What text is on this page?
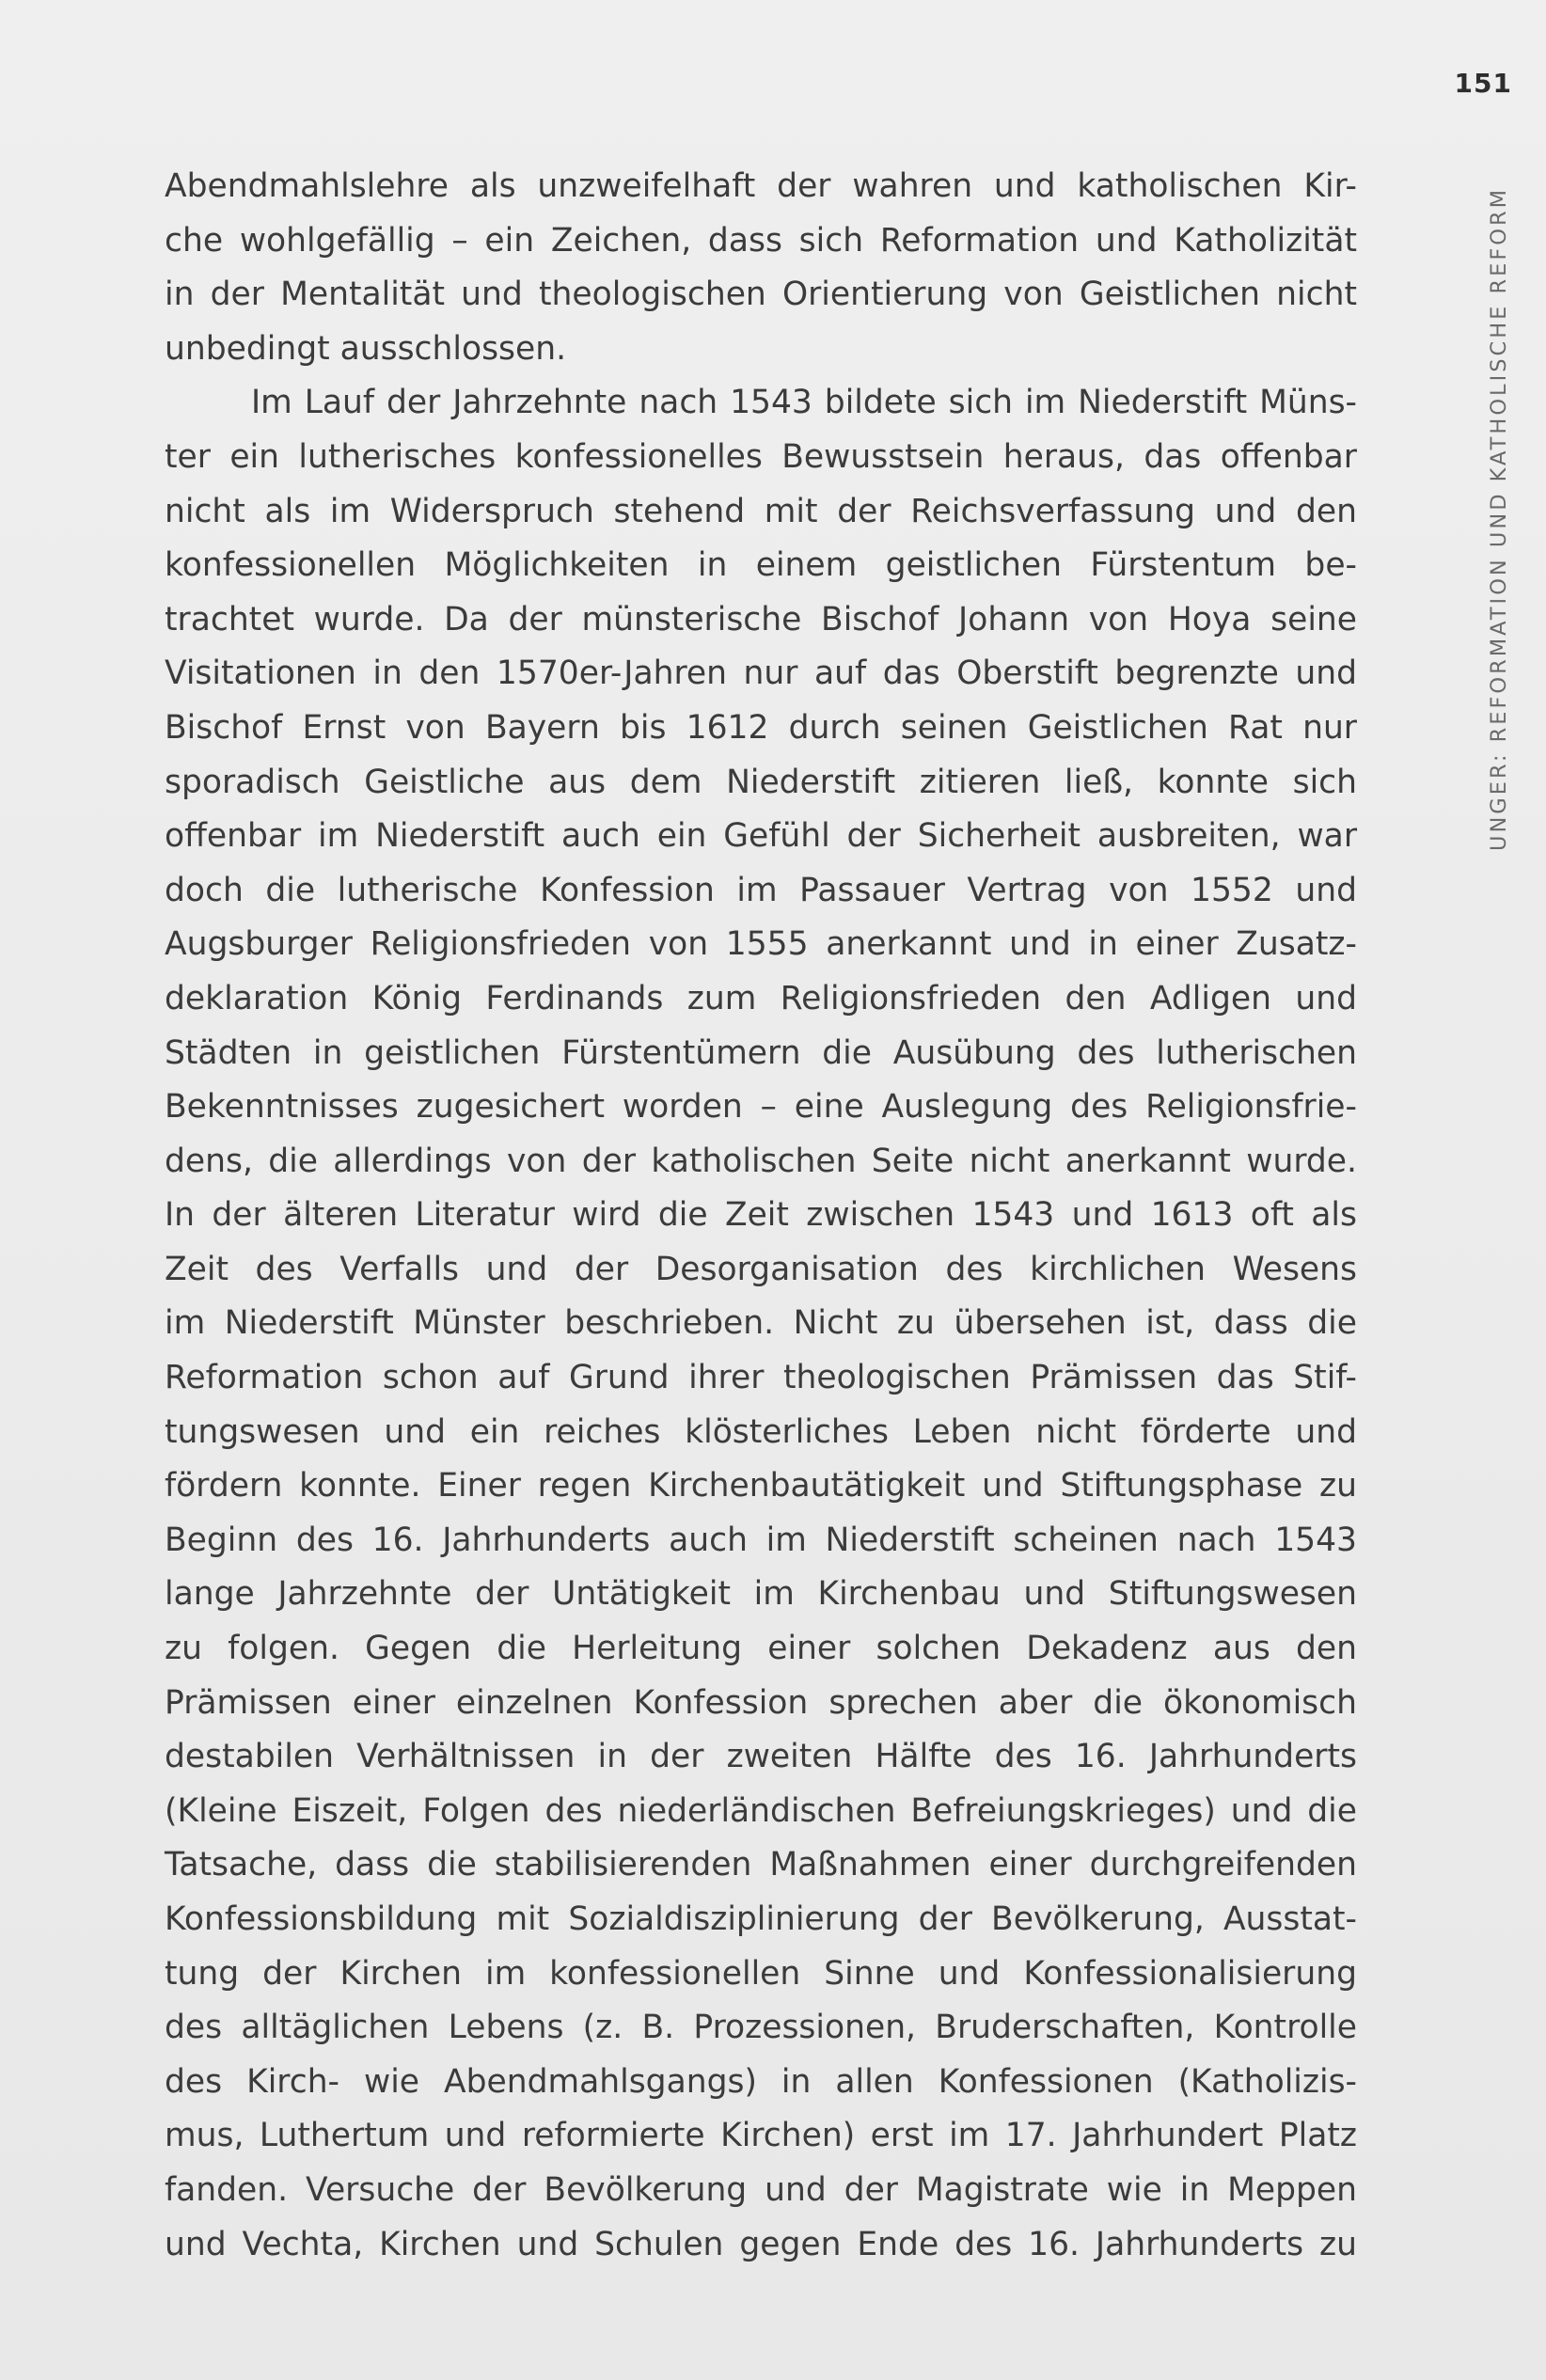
151
UNGER: REFORMATION UND KATHOLISCHE REFORM
Abendmahlslehre als unzweifelhaft der wahren und katholischen Kir-
che wohlgefällig – ein Zeichen, dass sich Reformation und Katholizität
in der Mentalität und theologischen Orientierung von Geistlichen nicht
unbedingt ausschlossen.
Im Lauf der Jahrzehnte nach 1543 bildete sich im Niederstift Müns-
ter ein lutherisches konfessionelles Bewusstsein heraus, das offenbar
nicht als im Widerspruch stehend mit der Reichsverfassung und den
konfessionellen Möglichkeiten in einem geistlichen Fürstentum be-
trachtet wurde. Da der münsterische Bischof Johann von Hoya seine
Visitationen in den 1570er-Jahren nur auf das Oberstift begrenzte und
Bischof Ernst von Bayern bis 1612 durch seinen Geistlichen Rat nur
sporadisch Geistliche aus dem Niederstift zitieren ließ, konnte sich
offenbar im Niederstift auch ein Gefühl der Sicherheit ausbreiten, war
doch die lutherische Konfession im Passauer Vertrag von 1552 und
Augsburger Religionsfrieden von 1555 anerkannt und in einer Zusatz-
deklaration König Ferdinands zum Religionsfrieden den Adligen und
Städten in geistlichen Fürstentümern die Ausübung des lutherischen
Bekenntnisses zugesichert worden – eine Auslegung des Religionsfrie-
dens, die allerdings von der katholischen Seite nicht anerkannt wurde.
In der älteren Literatur wird die Zeit zwischen 1543 und 1613 oft als
Zeit des Verfalls und der Desorganisation des kirchlichen Wesens
im Niederstift Münster beschrieben. Nicht zu übersehen ist, dass die
Reformation schon auf Grund ihrer theologischen Prämissen das Stif-
tungswesen und ein reiches klösterliches Leben nicht förderte und
fördern konnte. Einer regen Kirchenbautätigkeit und Stiftungsphase zu
Beginn des 16. Jahrhunderts auch im Niederstift scheinen nach 1543
lange Jahrzehnte der Untätigkeit im Kirchenbau und Stiftungswesen
zu folgen. Gegen die Herleitung einer solchen Dekadenz aus den
Prämissen einer einzelnen Konfession sprechen aber die ökonomisch
destabilen Verhältnissen in der zweiten Hälfte des 16. Jahrhunderts
(Kleine Eiszeit, Folgen des niederländischen Befreiungskrieges) und die
Tatsache, dass die stabilisierenden Maßnahmen einer durchgreifenden
Konfessionsbildung mit Sozialdisziplinierung der Bevölkerung, Ausstat-
tung der Kirchen im konfessionellen Sinne und Konfessionalisierung
des alltäglichen Lebens (z. B. Prozessionen, Bruderschaften, Kontrolle
des Kirch- wie Abendmahlsgangs) in allen Konfessionen (Katholizis-
mus, Luthertum und reformierte Kirchen) erst im 17. Jahrhundert Platz
fanden. Versuche der Bevölkerung und der Magistrate wie in Meppen
und Vechta, Kirchen und Schulen gegen Ende des 16. Jahrhunderts zu
